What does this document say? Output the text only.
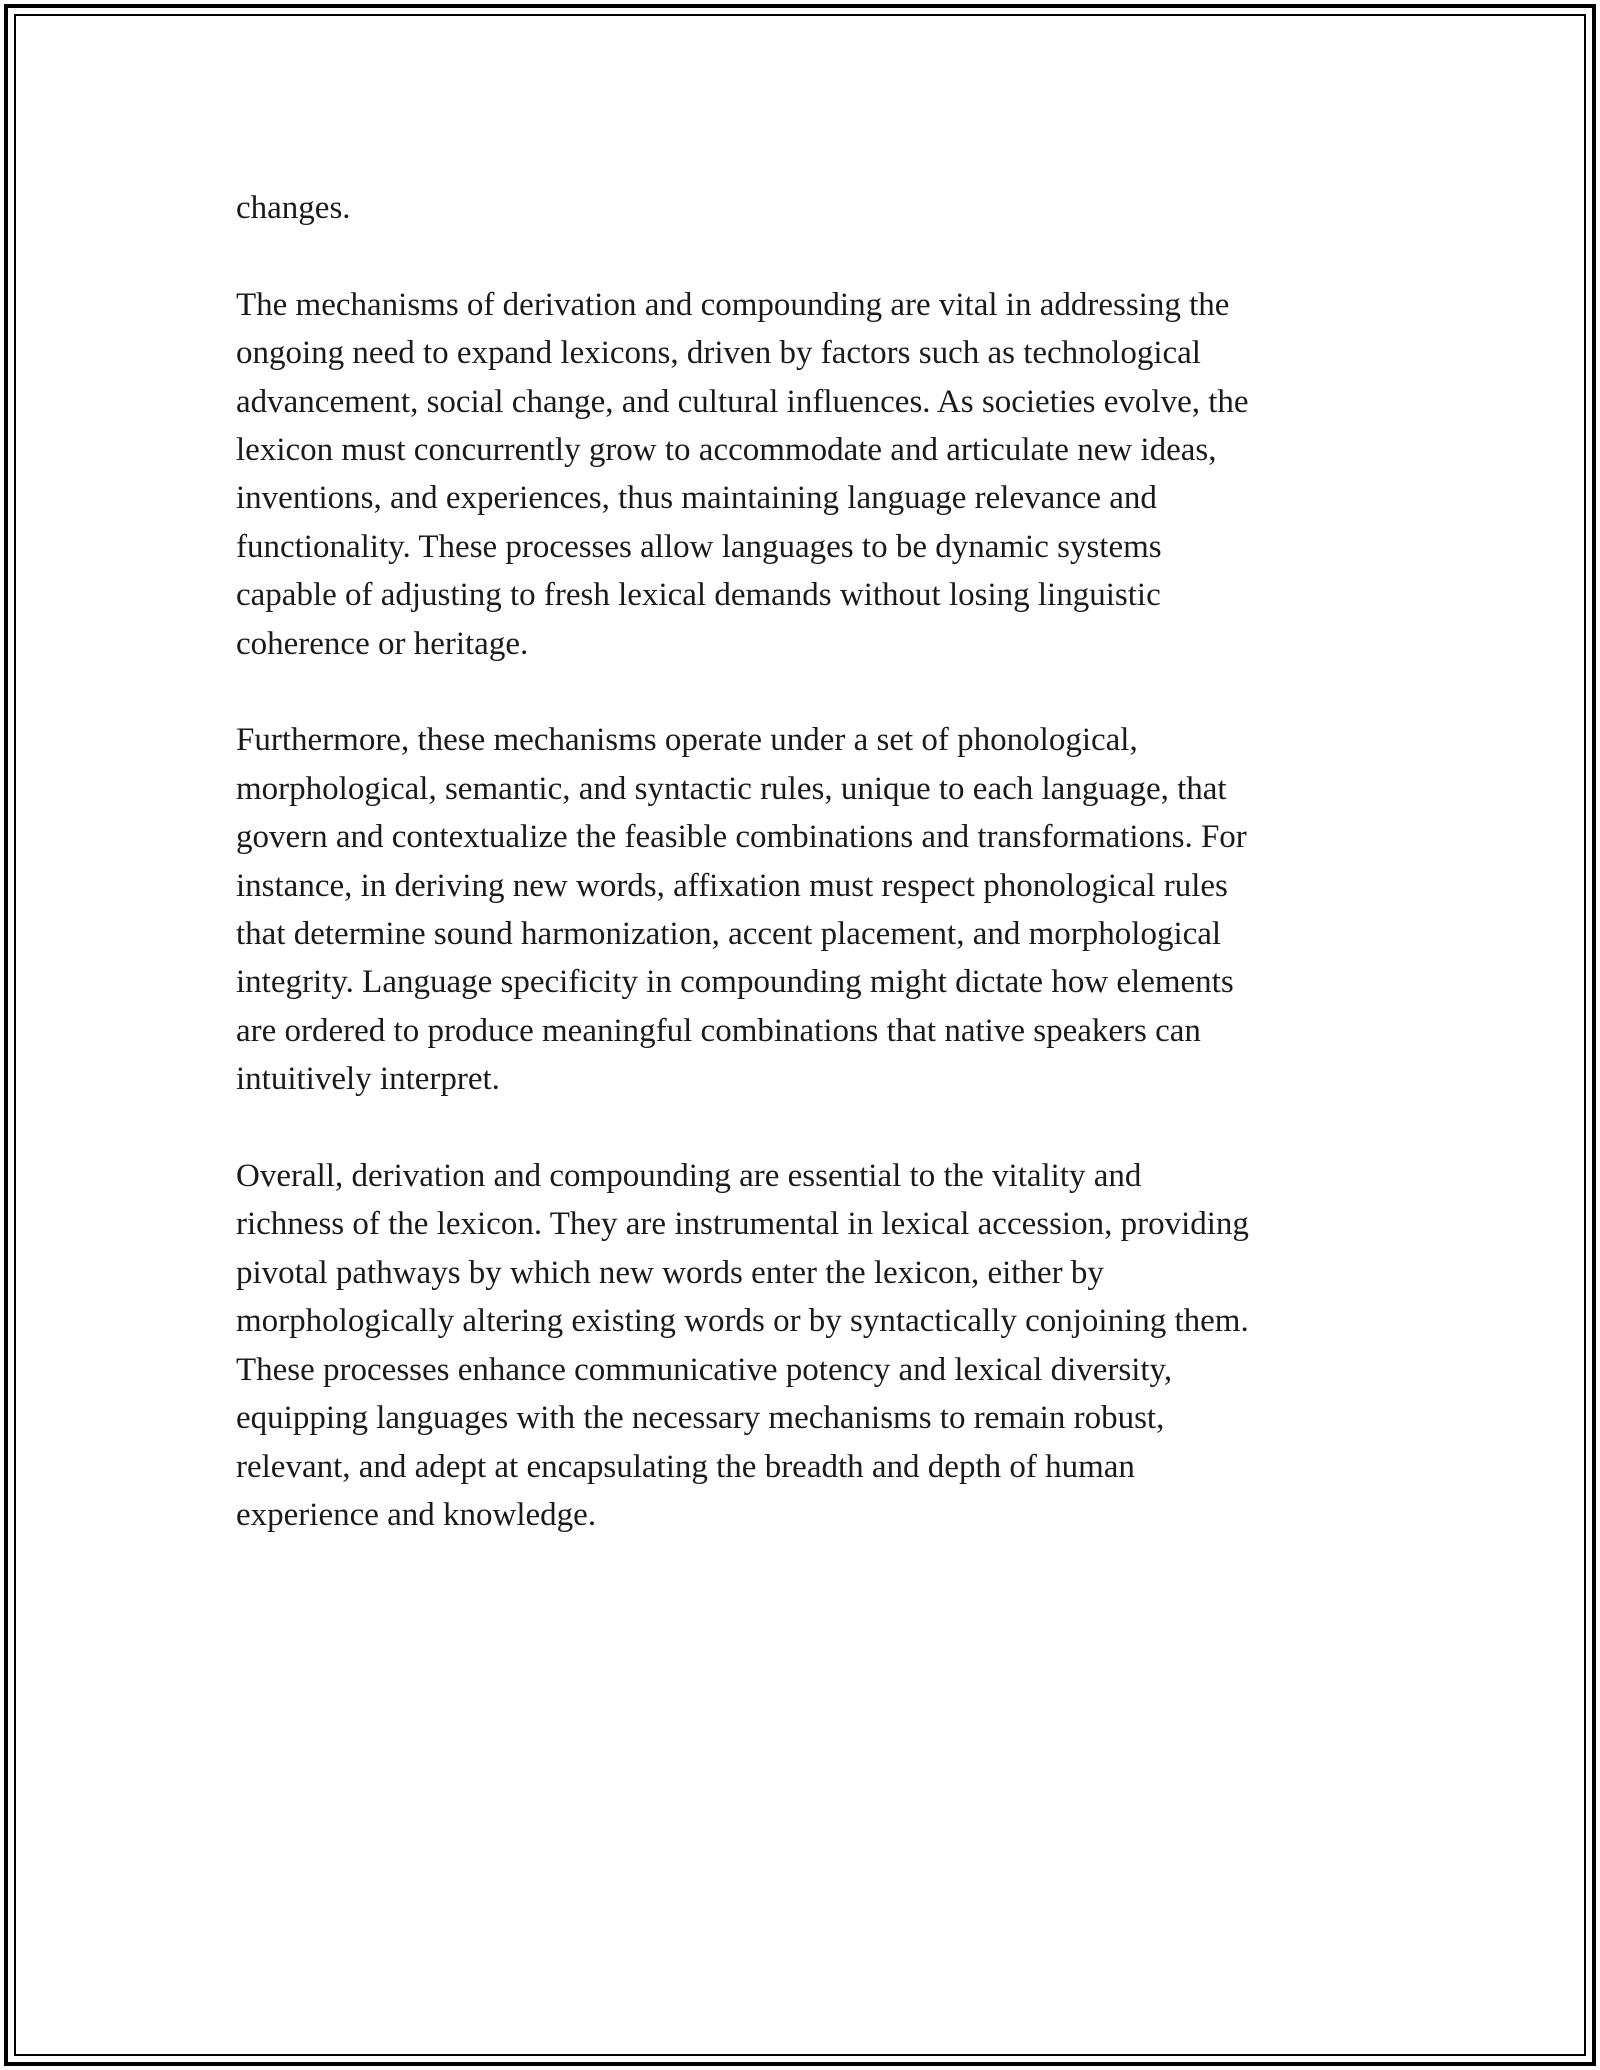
changes.

The mechanisms of derivation and compounding are vital in addressing the
ongoing need to expand lexicons, driven by factors such as technological
advancement, social change, and cultural influences. As societies evolve, the
lexicon must concurrently grow to accommodate and articulate new ideas,
inventions, and experiences, thus maintaining language relevance and
functionality. These processes allow languages to be dynamic systems
capable of adjusting to fresh lexical demands without losing linguistic
coherence or heritage.

Furthermore, these mechanisms operate under a set of phonological,
morphological, semantic, and syntactic rules, unique to each language, that
govern and contextualize the feasible combinations and transformations. For
instance, in deriving new words, affixation must respect phonological rules
that determine sound harmonization, accent placement, and morphological
integrity. Language specificity in compounding might dictate how elements
are ordered to produce meaningful combinations that native speakers can
intuitively interpret.

Overall, derivation and compounding are essential to the vitality and
richness of the lexicon. They are instrumental in lexical accession, providing
pivotal pathways by which new words enter the lexicon, either by
morphologically altering existing words or by syntactically conjoining them.
These processes enhance communicative potency and lexical diversity,
equipping languages with the necessary mechanisms to remain robust,
relevant, and adept at encapsulating the breadth and depth of human
experience and knowledge.
